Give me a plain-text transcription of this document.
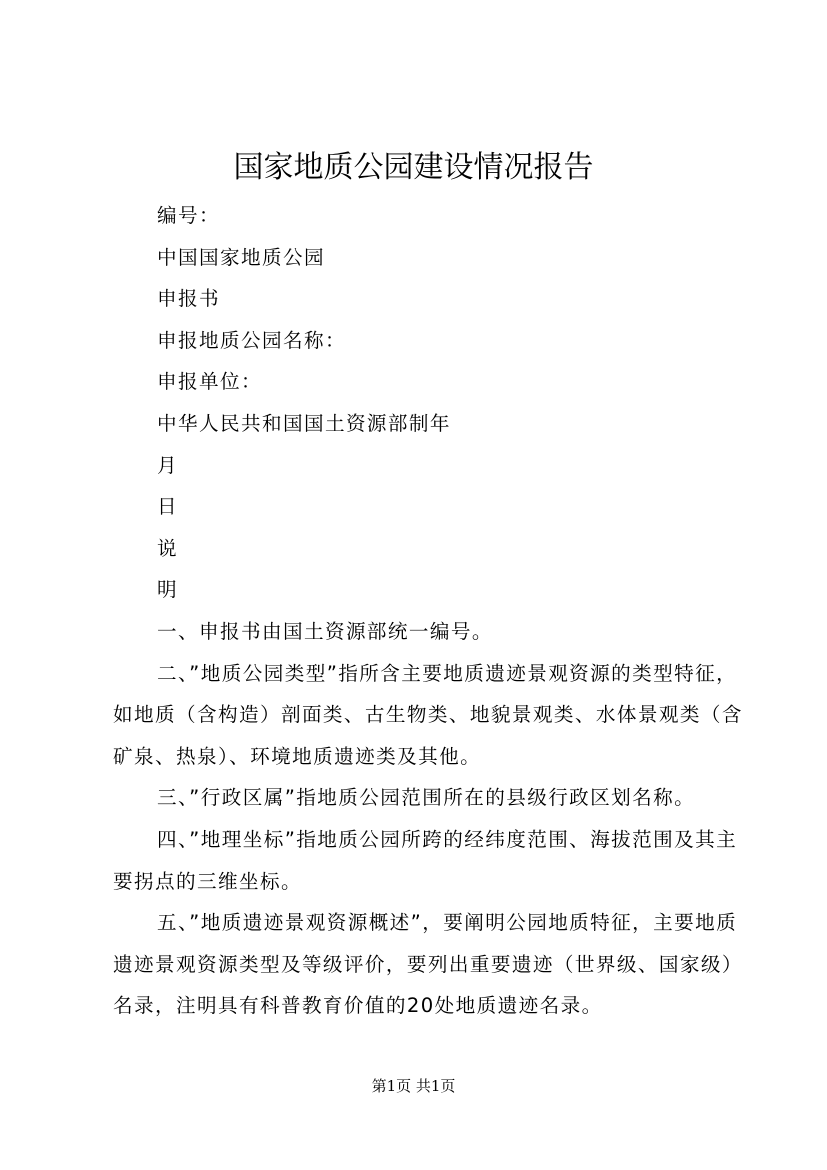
国家地质公园建设情况报告

编号：

中国国家地质公园

申报书

申报地质公园名称：

申报单位：

中华人民共和国国土资源部制年

月

日

说

明

一、申报书由国土资源部统一编号。

二、”地质公园类型”指所含主要地质遗迹景观资源的类型特征，如地质（含构造）剖面类、古生物类、地貌景观类、水体景观类（含矿泉、热泉）、环境地质遗迹类及其他。

三、”行政区属”指地质公园范围所在的县级行政区划名称。

四、”地理坐标”指地质公园所跨的经纬度范围、海拔范围及其主要拐点的三维坐标。

五、”地质遗迹景观资源概述”，要阐明公园地质特征，主要地质遗迹景观资源类型及等级评价，要列出重要遗迹（世界级、国家级）名录，注明具有科普教育价值的20处地质遗迹名录。

第1页 共1页
